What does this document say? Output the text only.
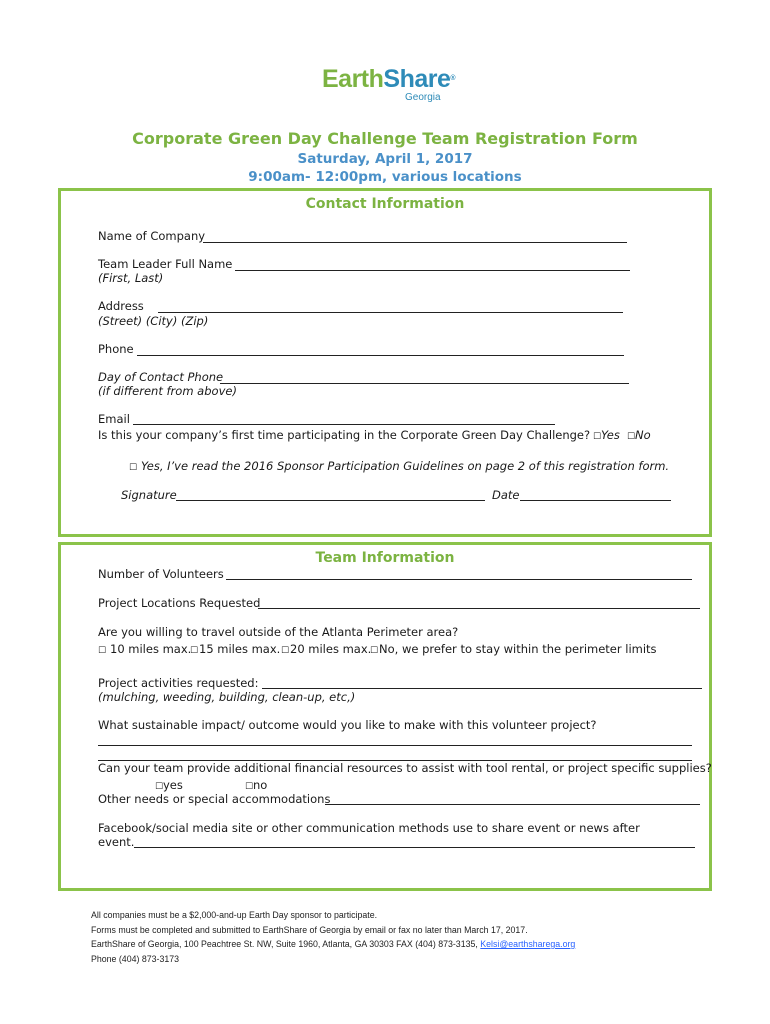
EarthShare®
Georgia
Corporate Green Day Challenge Team Registration Form
Saturday, April 1, 2017
9:00am- 12:00pm, various locations
Contact Information
Name of Company
Team Leader Full Name
(First, Last)
Address
(Street) (City) (Zip)
Phone
Day of Contact Phone
(if different from above)
Email
Is this your company’s first time participating in the Corporate Green Day Challenge? ☐ Yes ☐ No
☐ Yes, I’ve read the 2016 Sponsor Participation Guidelines on page 2 of this registration form.
Signature	Date
Team Information
Number of Volunteers
Project Locations Requested
Are you willing to travel outside of the Atlanta Perimeter area?
☐ 10 miles max.
☐ 15 miles max. ☐ 20 miles max.
☐ No, we prefer to stay within the perimeter limits
Project activities requested:
(mulching, weeding, building, clean-up, etc,)
What sustainable impact/ outcome would you like to make with this volunteer project?
Can your team provide additional financial resources to assist with tool rental, or project specific supplies?
☐ yes	☐ no
Other needs or special accommodations
Facebook/social media site or other communication methods use to share event or news after
event.
All companies must be a $2,000-and-up Earth Day sponsor to participate.
Forms must be completed and submitted to EarthShare of Georgia by email or fax no later than March 17, 2017.
EarthShare of Georgia, 100 Peachtree St. NW, Suite 1960, Atlanta, GA 30303 FAX (404) 873-3135, Kelsi@earthsharega.org
Phone (404) 873-3173
